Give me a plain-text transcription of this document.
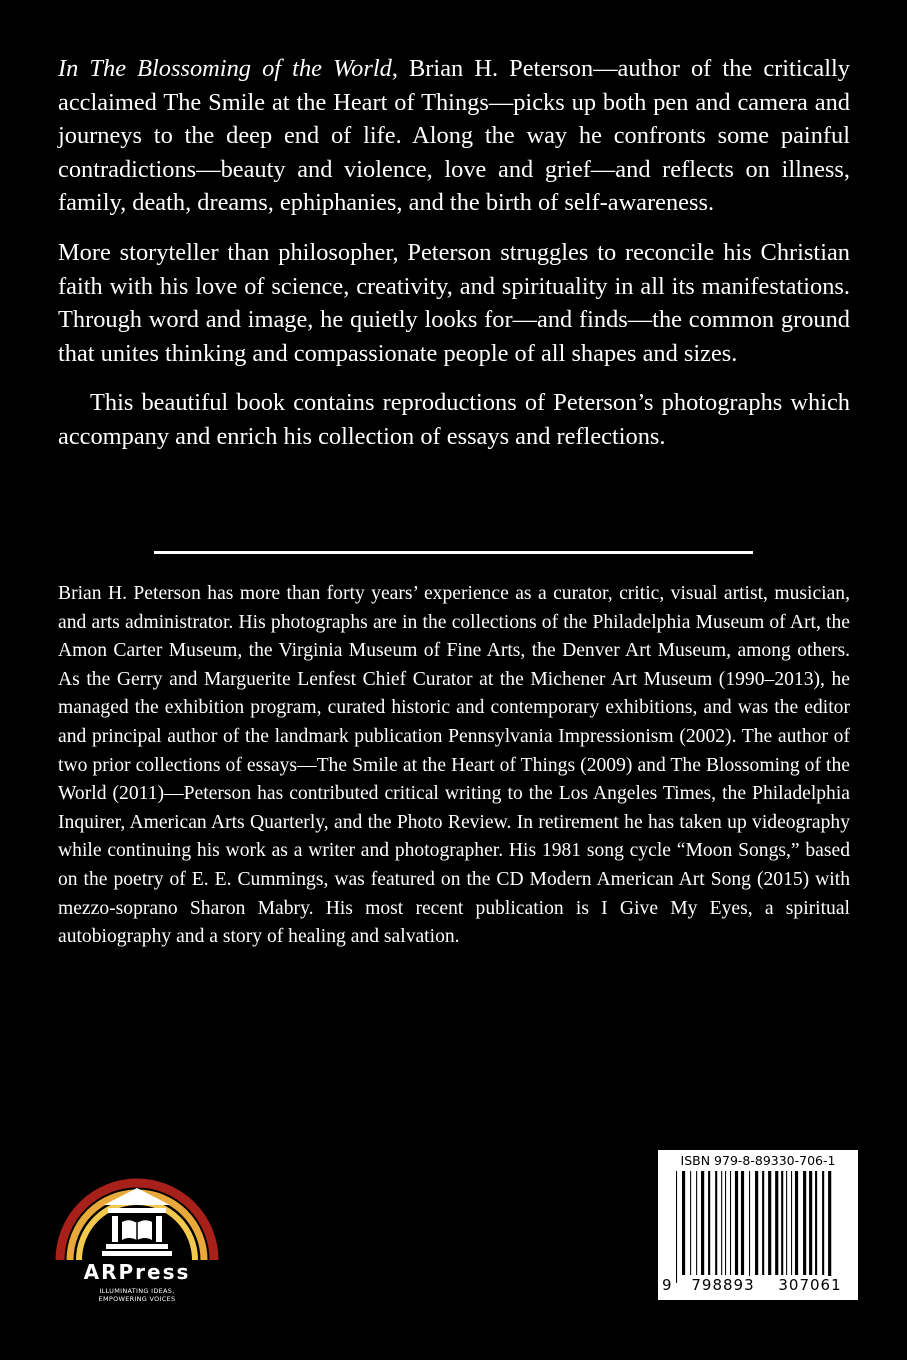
In The Blossoming of the World, Brian H. Peterson—author of the critically acclaimed The Smile at the Heart of Things—picks up both pen and camera and journeys to the deep end of life. Along the way he confronts some painful contradictions—beauty and violence, love and grief—and reflects on illness, family, death, dreams, ephiphanies, and the birth of self-awareness.

More storyteller than philosopher, Peterson struggles to reconcile his Christian faith with his love of science, creativity, and spirituality in all its manifestations. Through word and image, he quietly looks for—and finds—the common ground that unites thinking and compassionate people of all shapes and sizes.

This beautiful book contains reproductions of Peterson’s photographs which accompany and enrich his collection of essays and reflections.

Brian H. Peterson has more than forty years’ experience as a curator, critic, visual artist, musician, and arts administrator. His photographs are in the collections of the Philadelphia Museum of Art, the Amon Carter Museum, the Virginia Museum of Fine Arts, the Denver Art Museum, among others. As the Gerry and Marguerite Lenfest Chief Curator at the Michener Art Museum (1990–2013), he managed the exhibition program, curated historic and contemporary exhibitions, and was the editor and principal author of the landmark publication Pennsylvania Impressionism (2002). The author of two prior collections of essays—The Smile at the Heart of Things (2009) and The Blossoming of the World (2011)—Peterson has contributed critical writing to the Los Angeles Times, the Philadelphia Inquirer, American Arts Quarterly, and the Photo Review. In retirement he has taken up videography while continuing his work as a writer and photographer. His 1981 song cycle “Moon Songs,” based on the poetry of E. E. Cummings, was featured on the CD Modern American Art Song (2015) with mezzo-soprano Sharon Mabry. His most recent publication is I Give My Eyes, a spiritual autobiography and a story of healing and salvation.

ARPress
ILLUMINATING IDEAS,
EMPOWERING VOICES
ISBN 979-8-89330-706-1
9	798893	307061
